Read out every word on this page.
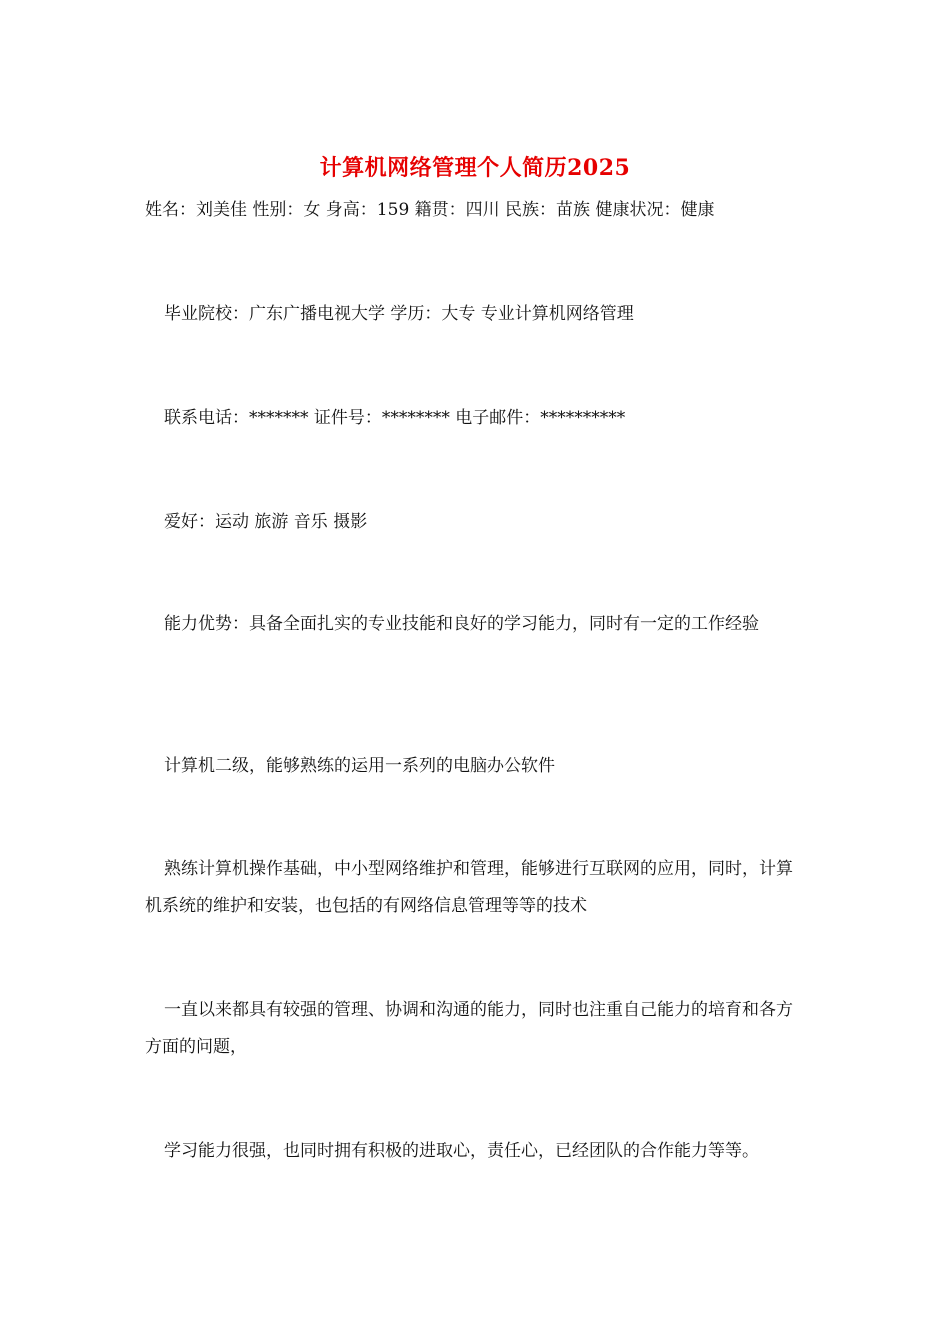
计算机网络管理个人简历2025

姓名：刘美佳 性别：女 身高：159 籍贯：四川 民族：苗族 健康状况：健康

毕业院校：广东广播电视大学 学历：大专 专业计算机网络管理

联系电话：******* 证件号：******** 电子邮件：**********

爱好：运动 旅游 音乐 摄影

能力优势：具备全面扎实的专业技能和良好的学习能力，同时有一定的工作经验

计算机二级，能够熟练的运用一系列的电脑办公软件

熟练计算机操作基础，中小型网络维护和管理，能够进行互联网的应用，同时，计算机系统的维护和安装，也包括的有网络信息管理等等的技术

一直以来都具有较强的管理、协调和沟通的能力，同时也注重自己能力的培育和各方方面的问题，

学习能力很强，也同时拥有积极的进取心，责任心，已经团队的合作能力等等。
